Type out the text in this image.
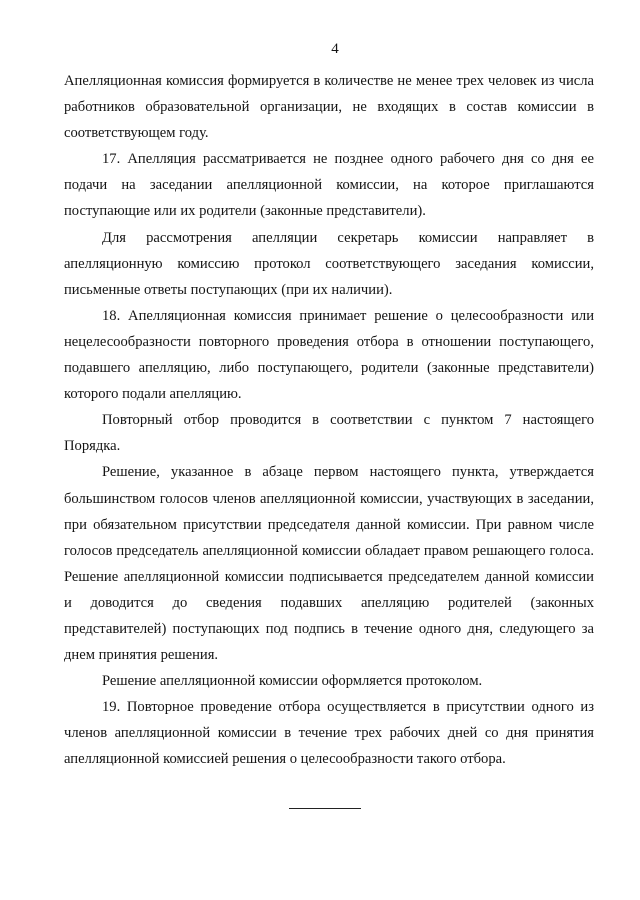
4

Апелляционная комиссия формируется в количестве не менее трех человек из числа работников образовательной организации, не входящих в состав комиссии в соответствующем году.

17. Апелляция рассматривается не позднее одного рабочего дня со дня ее подачи на заседании апелляционной комиссии, на которое приглашаются поступающие или их родители (законные представители).

Для рассмотрения апелляции секретарь комиссии направляет в апелляционную комиссию протокол соответствующего заседания комиссии, письменные ответы поступающих (при их наличии).

18. Апелляционная комиссия принимает решение о целесообразности или нецелесообразности повторного проведения отбора в отношении поступающего, подавшего апелляцию, либо поступающего, родители (законные представители) которого подали апелляцию.

Повторный отбор проводится в соответствии с пунктом 7 настоящего Порядка.

Решение, указанное в абзаце первом настоящего пункта, утверждается большинством голосов членов апелляционной комиссии, участвующих в заседании, при обязательном присутствии председателя данной комиссии. При равном числе голосов председатель апелляционной комиссии обладает правом решающего голоса. Решение апелляционной комиссии подписывается председателем данной комиссии и доводится до сведения подавших апелляцию родителей (законных представителей) поступающих под подпись в течение одного дня, следующего за днем принятия решения.

Решение апелляционной комиссии оформляется протоколом.

19. Повторное проведение отбора осуществляется в присутствии одного из членов апелляционной комиссии в течение трех рабочих дней со дня принятия апелляционной комиссией решения о целесообразности такого отбора.
